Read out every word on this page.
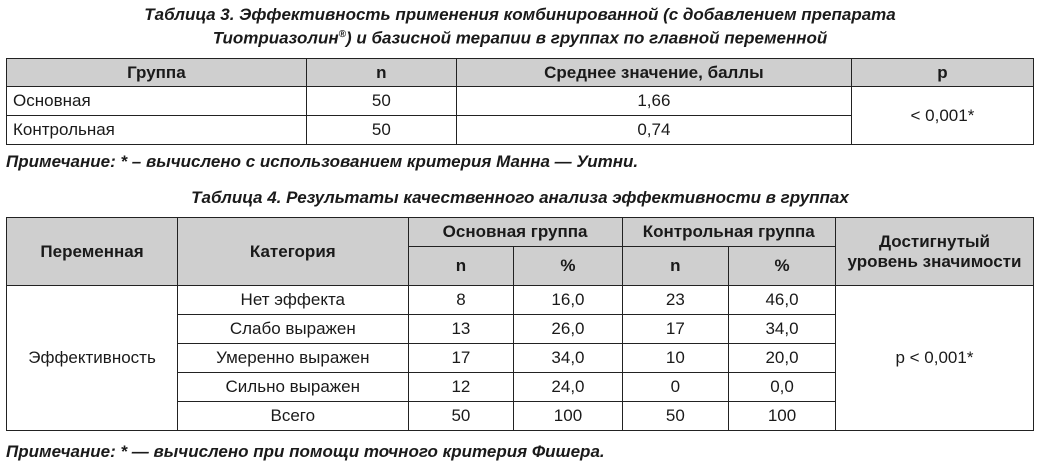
Таблица 3. Эффективность применения комбинированной (с добавлением препарата
Тиотриазолин®) и базисной терапии в группах по главной переменной
Группа	n	Среднее значение, баллы	p
Основная	50	1,66	< 0,001*
Контрольная	50	0,74	
Примечание: * – вычислено с использованием критерия Манна — Уитни.
Таблица 4. Результаты качественного анализа эффективности в группах
Переменная	Категория	Основная группа		Контрольная группа		Достигнутый уровень значимости
		n	%	n	%	
Эффективность	Нет эффекта	8	16,0	23	46,0	p < 0,001*
	Слабо выражен	13	26,0	17	34,0	
	Умеренно выражен	17	34,0	10	20,0	
	Сильно выражен	12	24,0	0	0,0	
	Всего	50	100	50	100	
Примечание: * — вычислено при помощи точного критерия Фишера.
